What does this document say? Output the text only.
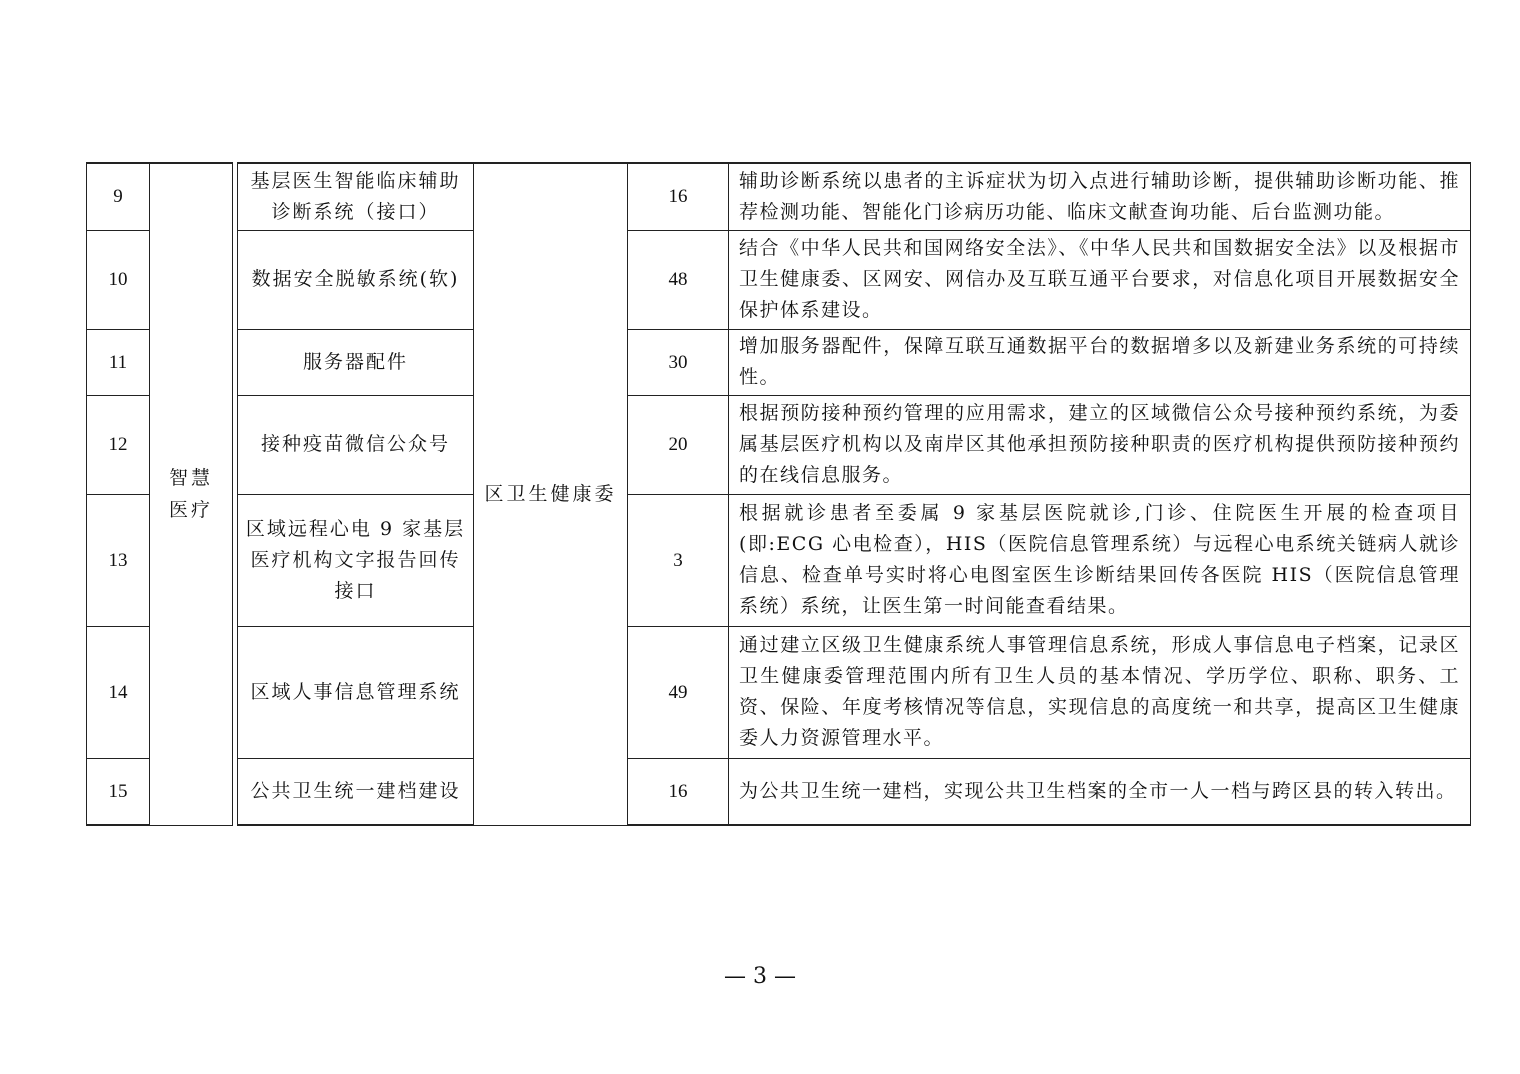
9	智慧医疗		基层医生智能临床辅助诊断系统（接口）	区卫生健康委	16	辅助诊断系统以患者的主诉症状为切入点进行辅助诊断，提供辅助诊断功能、推荐检测功能、智能化门诊病历功能、临床文献查询功能、后台监测功能。
10			数据安全脱敏系统(软)		48	结合《中华人民共和国网络安全法》、《中华人民共和国数据安全法》以及根据市卫生健康委、区网安、网信办及互联互通平台要求，对信息化项目开展数据安全保护体系建设。
11			服务器配件		30	增加服务器配件，保障互联互通数据平台的数据增多以及新建业务系统的可持续性。
12			接种疫苗微信公众号		20	根据预防接种预约管理的应用需求，建立的区域微信公众号接种预约系统，为委属基层医疗机构以及南岸区其他承担预防接种职责的医疗机构提供预防接种预约的在线信息服务。
13			区域远程心电 9 家基层医疗机构文字报告回传接口		3	根据就诊患者至委属 9 家基层医院就诊,门诊、住院医生开展的检查项目(即:ECG 心电检查），HIS（医院信息管理系统）与远程心电系统关链病人就诊信息、检查单号实时将心电图室医生诊断结果回传各医院 HIS（医院信息管理系统）系统，让医生第一时间能查看结果。
14			区域人事信息管理系统		49	通过建立区级卫生健康系统人事管理信息系统，形成人事信息电子档案，记录区卫生健康委管理范围内所有卫生人员的基本情况、学历学位、职称、职务、工资、保险、年度考核情况等信息，实现信息的高度统一和共享，提高区卫生健康委人力资源管理水平。
15			公共卫生统一建档建设		16	为公共卫生统一建档，实现公共卫生档案的全市一人一档与跨区县的转入转出。
— 3 —
